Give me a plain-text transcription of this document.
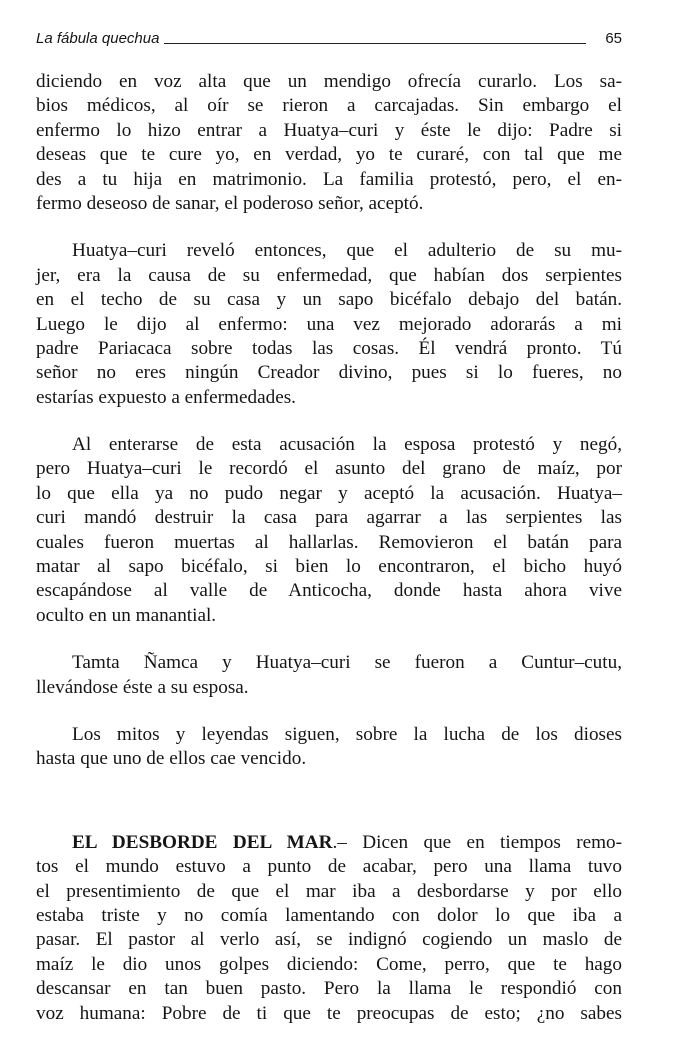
La fábula quechua	65
diciendo en voz alta que un mendigo ofrecía curarlo. Los sa-
bios médicos, al oír se rieron a carcajadas. Sin embargo el
enfermo lo hizo entrar a Huatya–curi y éste le dijo: Padre si
deseas que te cure yo, en verdad, yo te curaré, con tal que me
des a tu hija en matrimonio. La familia protestó, pero, el en-
fermo deseoso de sanar, el poderoso señor, aceptó.
Huatya–curi reveló entonces, que el adulterio de su mu-
jer, era la causa de su enfermedad, que habían dos serpientes
en el techo de su casa y un sapo bicéfalo debajo del batán.
Luego le dijo al enfermo: una vez mejorado adorarás a mi
padre Pariacaca sobre todas las cosas. Él vendrá pronto. Tú
señor no eres ningún Creador divino, pues si lo fueres, no
estarías expuesto a enfermedades.
Al enterarse de esta acusación la esposa protestó y negó,
pero Huatya–curi le recordó el asunto del grano de maíz, por
lo que ella ya no pudo negar y aceptó la acusación. Huatya–
curi mandó destruir la casa para agarrar a las serpientes las
cuales fueron muertas al hallarlas. Removieron el batán para
matar al sapo bicéfalo, si bien lo encontraron, el bicho huyó
escapándose al valle de Anticocha, donde hasta ahora vive
oculto en un manantial.
Tamta Ñamca y Huatya–curi se fueron a Cuntur–cutu,
llevándose éste a su esposa.
Los mitos y leyendas siguen, sobre la lucha de los dioses
hasta que uno de ellos cae vencido.
EL DESBORDE DEL MAR.– Dicen que en tiempos remo-
tos el mundo estuvo a punto de acabar, pero una llama tuvo
el presentimiento de que el mar iba a desbordarse y por ello
estaba triste y no comía lamentando con dolor lo que iba a
pasar. El pastor al verlo así, se indignó cogiendo un maslo de
maíz le dio unos golpes diciendo: Come, perro, que te hago
descansar en tan buen pasto. Pero la llama le respondió con
voz humana: Pobre de ti que te preocupas de esto; ¿no sabes
